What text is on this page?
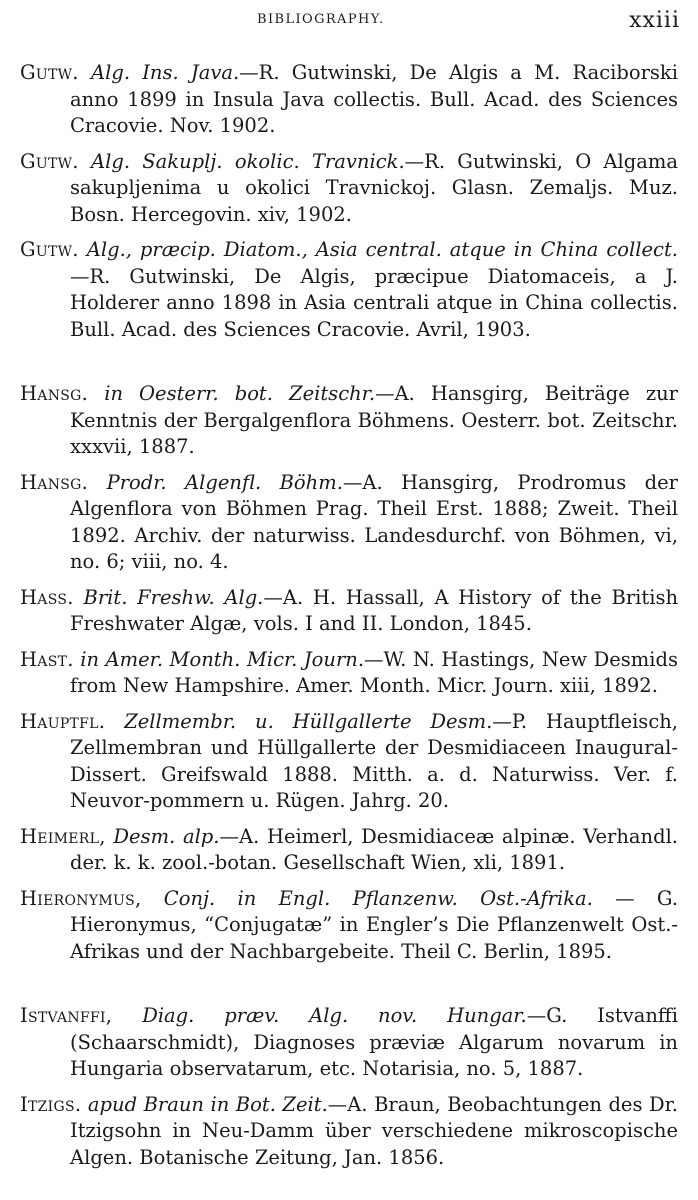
BIBLIOGRAPHY.	xxiii

Gutw. Alg. Ins. Java.—R. Gutwinski, De Algis a M. Raciborski anno 1899 in Insula Java collectis. Bull. Acad. des Sciences Cracovie. Nov. 1902.

Gutw. Alg. Sakuplj. okolic. Travnick.—R. Gutwinski, O Algama sakupljenima u okolici Travnickoj. Glasn. Zemaljs. Muz. Bosn. Hercegovin. xiv, 1902.

Gutw. Alg., præcip. Diatom., Asia central. atque in China collect.—R. Gutwinski, De Algis, præcipue Diatomaceis, a J. Holderer anno 1898 in Asia centrali atque in China collectis. Bull. Acad. des Sciences Cracovie. Avril, 1903.

Hansg. in Oesterr. bot. Zeitschr.—A. Hansgirg, Beiträge zur Kenntnis der Bergalgenflora Böhmens. Oesterr. bot. Zeitschr. xxxvii, 1887.

Hansg. Prodr. Algenfl. Böhm.—A. Hansgirg, Prodromus der Algenflora von Böhmen Prag. Theil Erst. 1888; Zweit. Theil 1892. Archiv. der naturwiss. Landesdurchf. von Böhmen, vi, no. 6; viii, no. 4.

Hass. Brit. Freshw. Alg.—A. H. Hassall, A History of the British Freshwater Algæ, vols. I and II. London, 1845.

Hast. in Amer. Month. Micr. Journ.—W. N. Hastings, New Desmids from New Hampshire. Amer. Month. Micr. Journ. xiii, 1892.

Hauptfl. Zellmembr. u. Hüllgallerte Desm.—P. Hauptfleisch, Zellmembran und Hüllgallerte der Desmidiaceen Inaugural-Dissert. Greifswald 1888. Mitth. a. d. Naturwiss. Ver. f. Neuvor-pommern u. Rügen. Jahrg. 20.

Heimerl, Desm. alp.—A. Heimerl, Desmidiaceæ alpinæ. Verhandl. der. k. k. zool.-botan. Gesellschaft Wien, xli, 1891.

Hieronymus, Conj. in Engl. Pflanzenw. Ost.-Afrika. — G. Hieronymus, “Conjugatæ” in Engler’s Die Pflanzenwelt Ost.-Afrikas und der Nachbargebeite. Theil C. Berlin, 1895.

Istvanffi, Diag. præv. Alg. nov. Hungar.—G. Istvanffi (Schaarschmidt), Diagnoses præviæ Algarum novarum in Hungaria observatarum, etc. Notarisia, no. 5, 1887.

Itzigs. apud Braun in Bot. Zeit.—A. Braun, Beobachtungen des Dr. Itzigsohn in Neu-Damm über verschiedene mikroscopische Algen. Botanische Zeitung, Jan. 1856.
